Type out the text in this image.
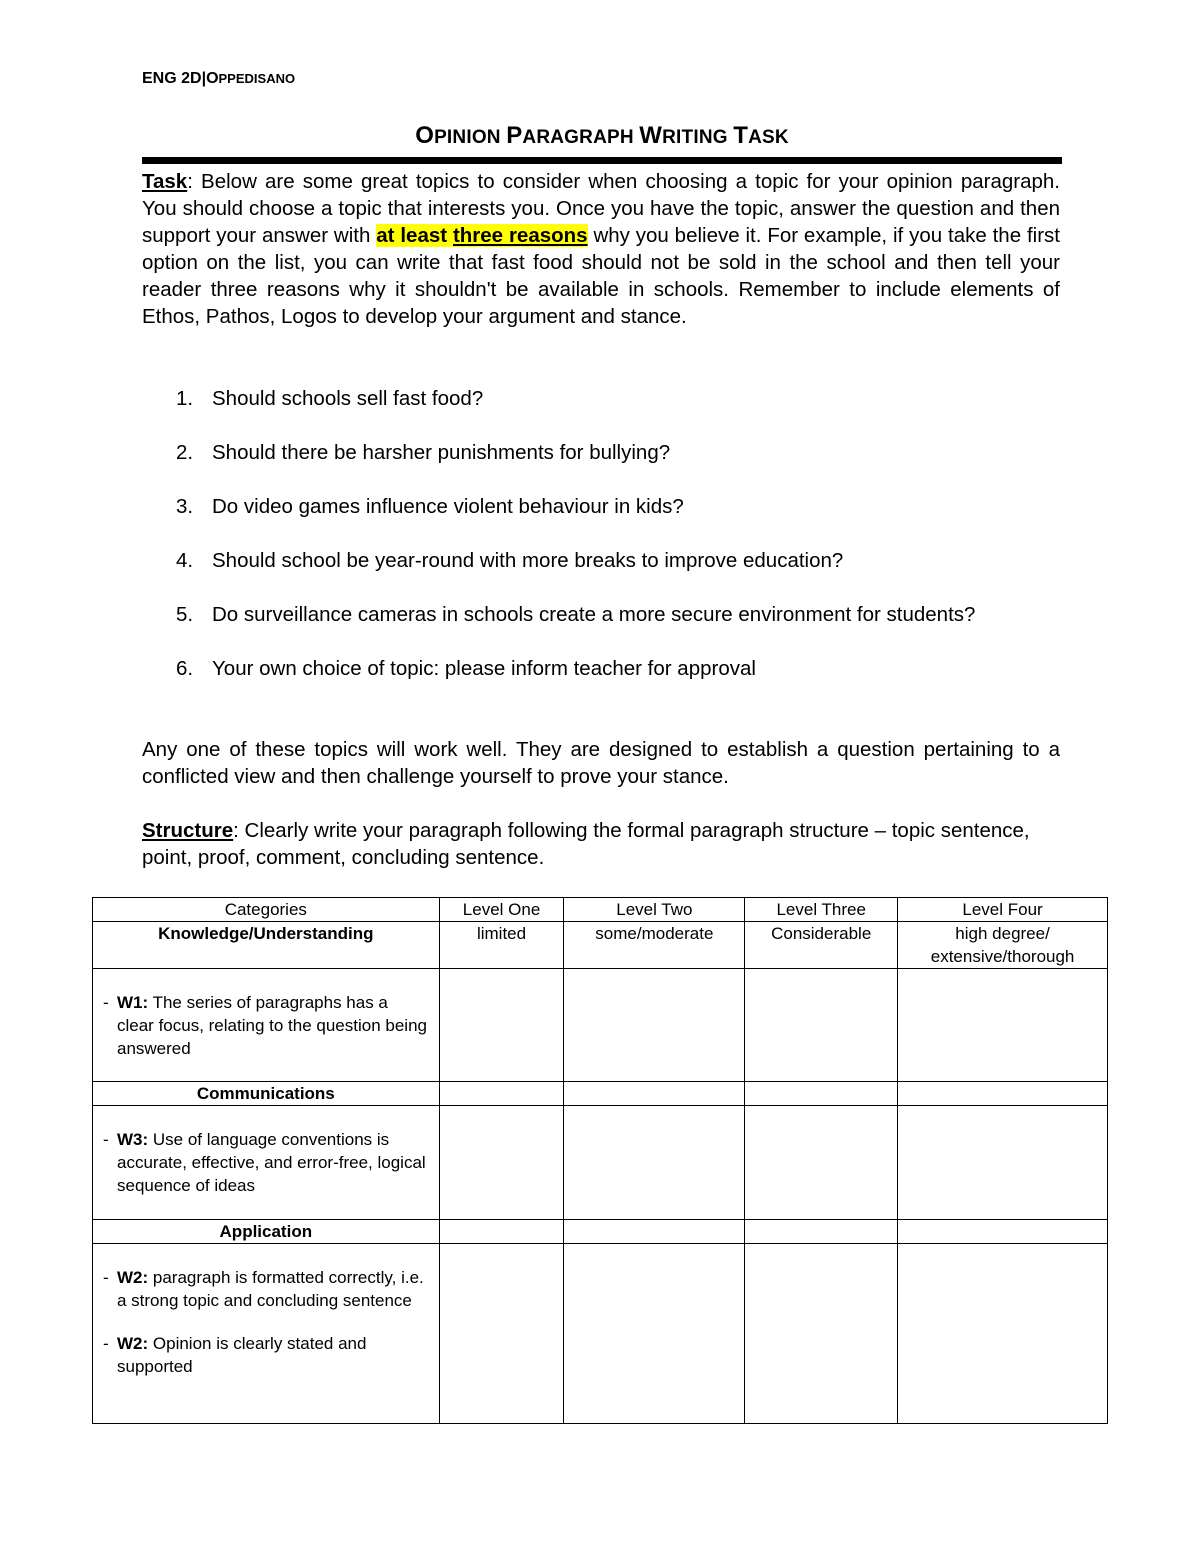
ENG 2D|OPPEDISANO
OPINION PARAGRAPH WRITING TASK
Task: Below are some great topics to consider when choosing a topic for your opinion paragraph. You should choose a topic that interests you. Once you have the topic, answer the question and then support your answer with at least three reasons why you believe it. For example, if you take the first option on the list, you can write that fast food should not be sold in the school and then tell your reader three reasons why it shouldn't be available in schools. Remember to include elements of Ethos, Pathos, Logos to develop your argument and stance.
1. Should schools sell fast food?
2. Should there be harsher punishments for bullying?
3. Do video games influence violent behaviour in kids?
4. Should school be year-round with more breaks to improve education?
5. Do surveillance cameras in schools create a more secure environment for students?
6. Your own choice of topic: please inform teacher for approval
Any one of these topics will work well. They are designed to establish a question pertaining to a conflicted view and then challenge yourself to prove your stance.
Structure: Clearly write your paragraph following the formal paragraph structure – topic sentence, point, proof, comment, concluding sentence.
Categories	Level One	Level Two	Level Three	Level Four
Knowledge/Understanding	limited	some/moderate	Considerable	high degree/ extensive/thorough

- W1: The series of paragraphs has a clear focus, relating to the question being answered				

Communications				

- W3: Use of language conventions is accurate, effective, and error-free, logical sequence of ideas				

Application				

- W2: paragraph is formatted correctly, i.e. a strong topic and concluding sentence
- W2: Opinion is clearly stated and supported				
